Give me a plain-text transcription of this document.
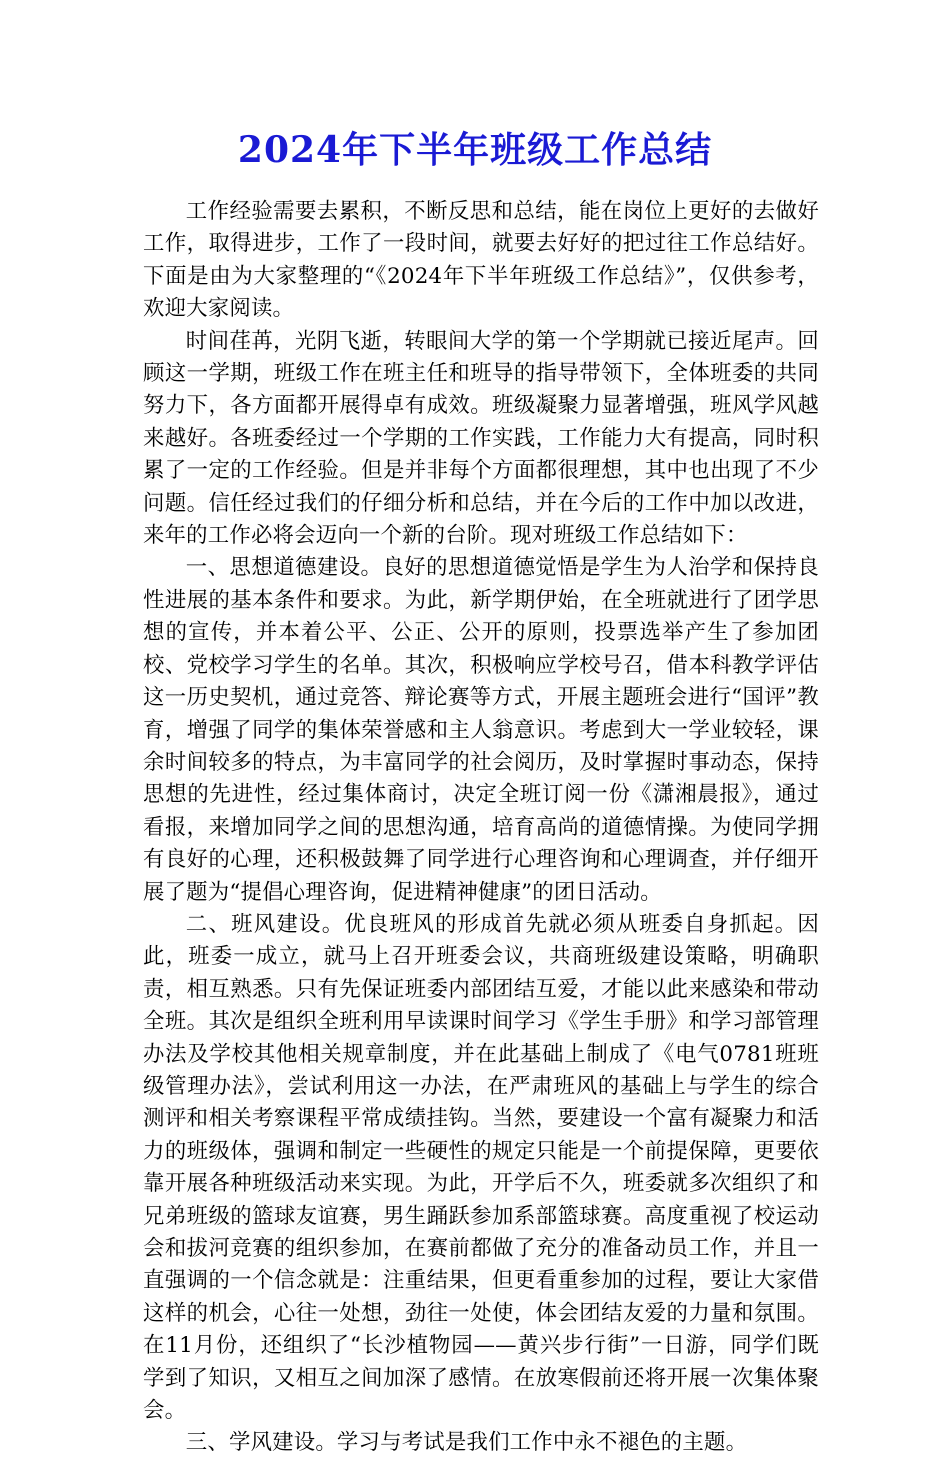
2024年下半年班级工作总结

工作经验需要去累积，不断反思和总结，能在岗位上更好的去做好工作，取得进步，工作了一段时间，就要去好好的把过往工作总结好。下面是由为大家整理的“《2024年下半年班级工作总结》”，仅供参考，欢迎大家阅读。

时间荏苒，光阴飞逝，转眼间大学的第一个学期就已接近尾声。回顾这一学期，班级工作在班主任和班导的指导带领下，全体班委的共同努力下，各方面都开展得卓有成效。班级凝聚力显著增强，班风学风越来越好。各班委经过一个学期的工作实践，工作能力大有提高，同时积累了一定的工作经验。但是并非每个方面都很理想，其中也出现了不少问题。信任经过我们的仔细分析和总结，并在今后的工作中加以改进，来年的工作必将会迈向一个新的台阶。现对班级工作总结如下：

一、思想道德建设。良好的思想道德觉悟是学生为人治学和保持良性进展的基本条件和要求。为此，新学期伊始，在全班就进行了团学思想的宣传，并本着公平、公正、公开的原则，投票选举产生了参加团校、党校学习学生的名单。其次，积极响应学校号召，借本科教学评估这一历史契机，通过竞答、辩论赛等方式，开展主题班会进行“国评”教育，增强了同学的集体荣誉感和主人翁意识。考虑到大一学业较轻，课余时间较多的特点，为丰富同学的社会阅历，及时掌握时事动态，保持思想的先进性，经过集体商讨，决定全班订阅一份《潇湘晨报》，通过看报，来增加同学之间的思想沟通，培育高尚的道德情操。为使同学拥有良好的心理，还积极鼓舞了同学进行心理咨询和心理调查，并仔细开展了题为“提倡心理咨询，促进精神健康”的团日活动。

二、班风建设。优良班风的形成首先就必须从班委自身抓起。因此，班委一成立，就马上召开班委会议，共商班级建设策略，明确职责，相互熟悉。只有先保证班委内部团结互爱，才能以此来感染和带动全班。其次是组织全班利用早读课时间学习《学生手册》和学习部管理办法及学校其他相关规章制度，并在此基础上制成了《电气0781班班级管理办法》，尝试利用这一办法，在严肃班风的基础上与学生的综合测评和相关考察课程平常成绩挂钩。当然，要建设一个富有凝聚力和活力的班级体，强调和制定一些硬性的规定只能是一个前提保障，更要依靠开展各种班级活动来实现。为此，开学后不久，班委就多次组织了和兄弟班级的篮球友谊赛，男生踊跃参加系部篮球赛。高度重视了校运动会和拔河竞赛的组织参加，在赛前都做了充分的准备动员工作，并且一直强调的一个信念就是：注重结果，但更看重参加的过程，要让大家借这样的机会，心往一处想，劲往一处使，体会团结友爱的力量和氛围。在11月份，还组织了“长沙植物园——黄兴步行街”一日游，同学们既学到了知识，又相互之间加深了感情。在放寒假前还将开展一次集体聚会。

三、学风建设。学习与考试是我们工作中永不褪色的主题。
